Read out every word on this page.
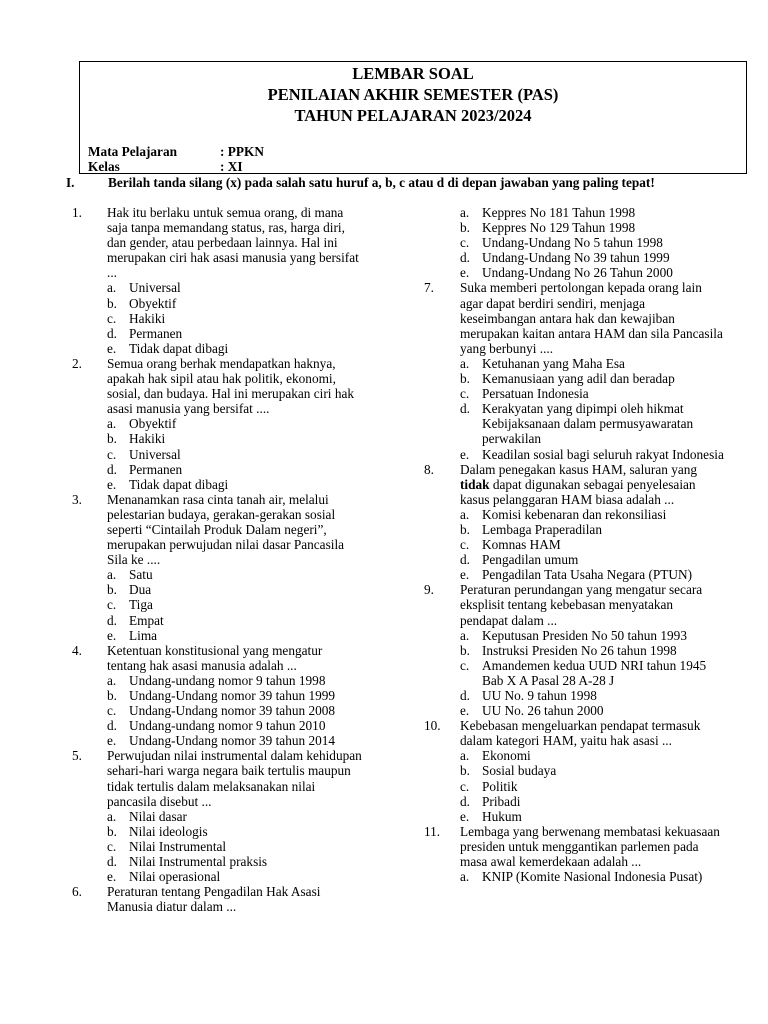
LEMBAR SOAL
PENILAIAN AKHIR SEMESTER (PAS)
TAHUN PELAJARAN 2023/2024
Mata Pelajaran	: PPKN
Kelas	: XI
I.	Berilah tanda silang (x) pada salah satu huruf a, b, c atau d di depan jawaban yang paling tepat!
1. Hak itu berlaku untuk semua orang, di mana saja tanpa memandang status, ras, harga diri, dan gender, atau perbedaan lainnya. Hal ini merupakan ciri hak asasi manusia yang bersifat ...
a. Universal
b. Obyektif
c. Hakiki
d. Permanen
e. Tidak dapat dibagi
2. Semua orang berhak mendapatkan haknya, apakah hak sipil atau hak politik, ekonomi, sosial, dan budaya. Hal ini merupakan ciri hak asasi manusia yang bersifat ....
a. Obyektif
b. Hakiki
c. Universal
d. Permanen
e. Tidak dapat dibagi
3. Menanamkan rasa cinta tanah air, melalui pelestarian budaya, gerakan-gerakan sosial seperti “Cintailah Produk Dalam negeri”, merupakan perwujudan nilai dasar Pancasila Sila ke ....
a. Satu
b. Dua
c. Tiga
d. Empat
e. Lima
4. Ketentuan konstitusional yang mengatur tentang hak asasi manusia adalah ...
a. Undang-undang nomor 9 tahun 1998
b. Undang-Undang nomor 39 tahun 1999
c. Undang-Undang nomor 39 tahun 2008
d. Undang-undang nomor 9 tahun 2010
e. Undang-Undang nomor 39 tahun 2014
5. Perwujudan nilai instrumental dalam kehidupan sehari-hari warga negara baik tertulis maupun tidak tertulis dalam melaksanakan nilai pancasila disebut ...
a. Nilai dasar
b. Nilai ideologis
c. Nilai Instrumental
d. Nilai Instrumental praksis
e. Nilai operasional
6. Peraturan tentang Pengadilan Hak Asasi Manusia diatur dalam ...
a. Keppres No 181 Tahun 1998
b. Keppres No 129 Tahun 1998
c. Undang-Undang No 5 tahun 1998
d. Undang-Undang No 39 tahun 1999
e. Undang-Undang No 26 Tahun 2000
7. Suka memberi pertolongan kepada orang lain agar dapat berdiri sendiri, menjaga keseimbangan antara hak dan kewajiban merupakan kaitan antara HAM dan sila Pancasila yang berbunyi ....
a. Ketuhanan yang Maha Esa
b. Kemanusiaan yang adil dan beradap
c. Persatuan Indonesia
d. Kerakyatan yang dipimpi oleh hikmat Kebijaksanaan dalam permusyawaratan perwakilan
e. Keadilan sosial bagi seluruh rakyat Indonesia
8. Dalam penegakan kasus HAM, saluran yang tidak dapat digunakan sebagai penyelesaian kasus pelanggaran HAM biasa adalah ...
a. Komisi kebenaran dan rekonsiliasi
b. Lembaga Praperadilan
c. Komnas HAM
d. Pengadilan umum
e. Pengadilan Tata Usaha Negara (PTUN)
9. Peraturan perundangan yang mengatur secara eksplisit tentang kebebasan menyatakan pendapat dalam ...
a. Keputusan Presiden No 50 tahun 1993
b. Instruksi Presiden No 26 tahun 1998
c. Amandemen kedua UUD NRI tahun 1945 Bab X A Pasal 28 A-28 J
d. UU No. 9 tahun 1998
e. UU No. 26 tahun 2000
10. Kebebasan mengeluarkan pendapat termasuk dalam kategori HAM, yaitu hak asasi ...
a. Ekonomi
b. Sosial budaya
c. Politik
d. Pribadi
e. Hukum
11. Lembaga yang berwenang membatasi kekuasaan presiden untuk menggantikan parlemen pada masa awal kemerdekaan adalah ...
a. KNIP (Komite Nasional Indonesia Pusat)
